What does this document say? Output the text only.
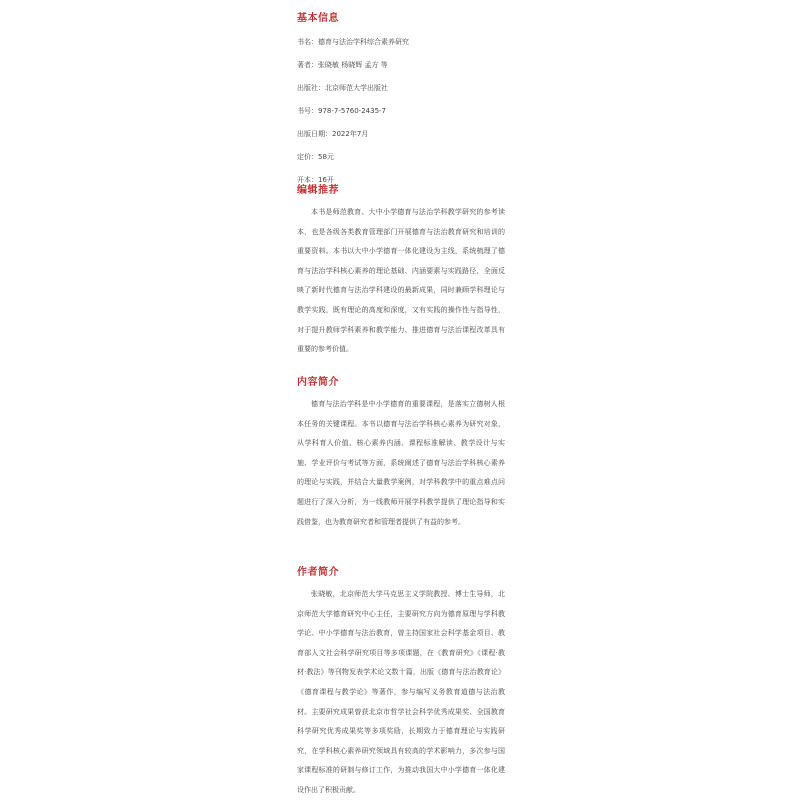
基本信息
书名：德育与法治学科综合素养研究
著者：张晓敏 杨晓辉 孟方 等
出版社：北京师范大学出版社
书号：978-7-5760-2435-7
出版日期：2022年7月
定价：58元
开本：16开
编辑推荐

本书是师范教育、大中小学德育与法治学科教学研究的参考读本，也是各级各类教育管理部门开展德育与法治教育研究和培训的重要资料。本书以大中小学德育一体化建设为主线，系统梳理了德育与法治学科核心素养的理论基础、内涵要素与实践路径，全面反映了新时代德育与法治学科建设的最新成果，同时兼顾学科理论与教学实践，既有理论的高度和深度，又有实践的操作性与指导性，对于提升教师学科素养和教学能力、推进德育与法治课程改革具有重要的参考价值。

内容简介

德育与法治学科是中小学德育的重要课程，是落实立德树人根本任务的关键课程。本书以德育与法治学科核心素养为研究对象，从学科育人价值、核心素养内涵、课程标准解读、教学设计与实施、学业评价与考试等方面，系统阐述了德育与法治学科核心素养的理论与实践，并结合大量教学案例，对学科教学中的重点难点问题进行了深入分析，为一线教师开展学科教学提供了理论指导和实践借鉴，也为教育研究者和管理者提供了有益的参考。

作者简介

张晓敏，北京师范大学马克思主义学院教授、博士生导师，北京师范大学德育研究中心主任，主要研究方向为德育原理与学科教学论、中小学德育与法治教育，曾主持国家社会科学基金项目、教育部人文社会科学研究项目等多项课题，在《教育研究》《课程·教材·教法》等刊物发表学术论文数十篇，出版《德育与法治教育论》《德育课程与教学论》等著作，参与编写义务教育道德与法治教材。主要研究成果曾获北京市哲学社会科学优秀成果奖、全国教育科学研究优秀成果奖等多项奖励，长期致力于德育理论与实践研究，在学科核心素养研究领域具有较高的学术影响力，多次参与国家课程标准的研制与修订工作，为推动我国大中小学德育一体化建设作出了积极贡献。
